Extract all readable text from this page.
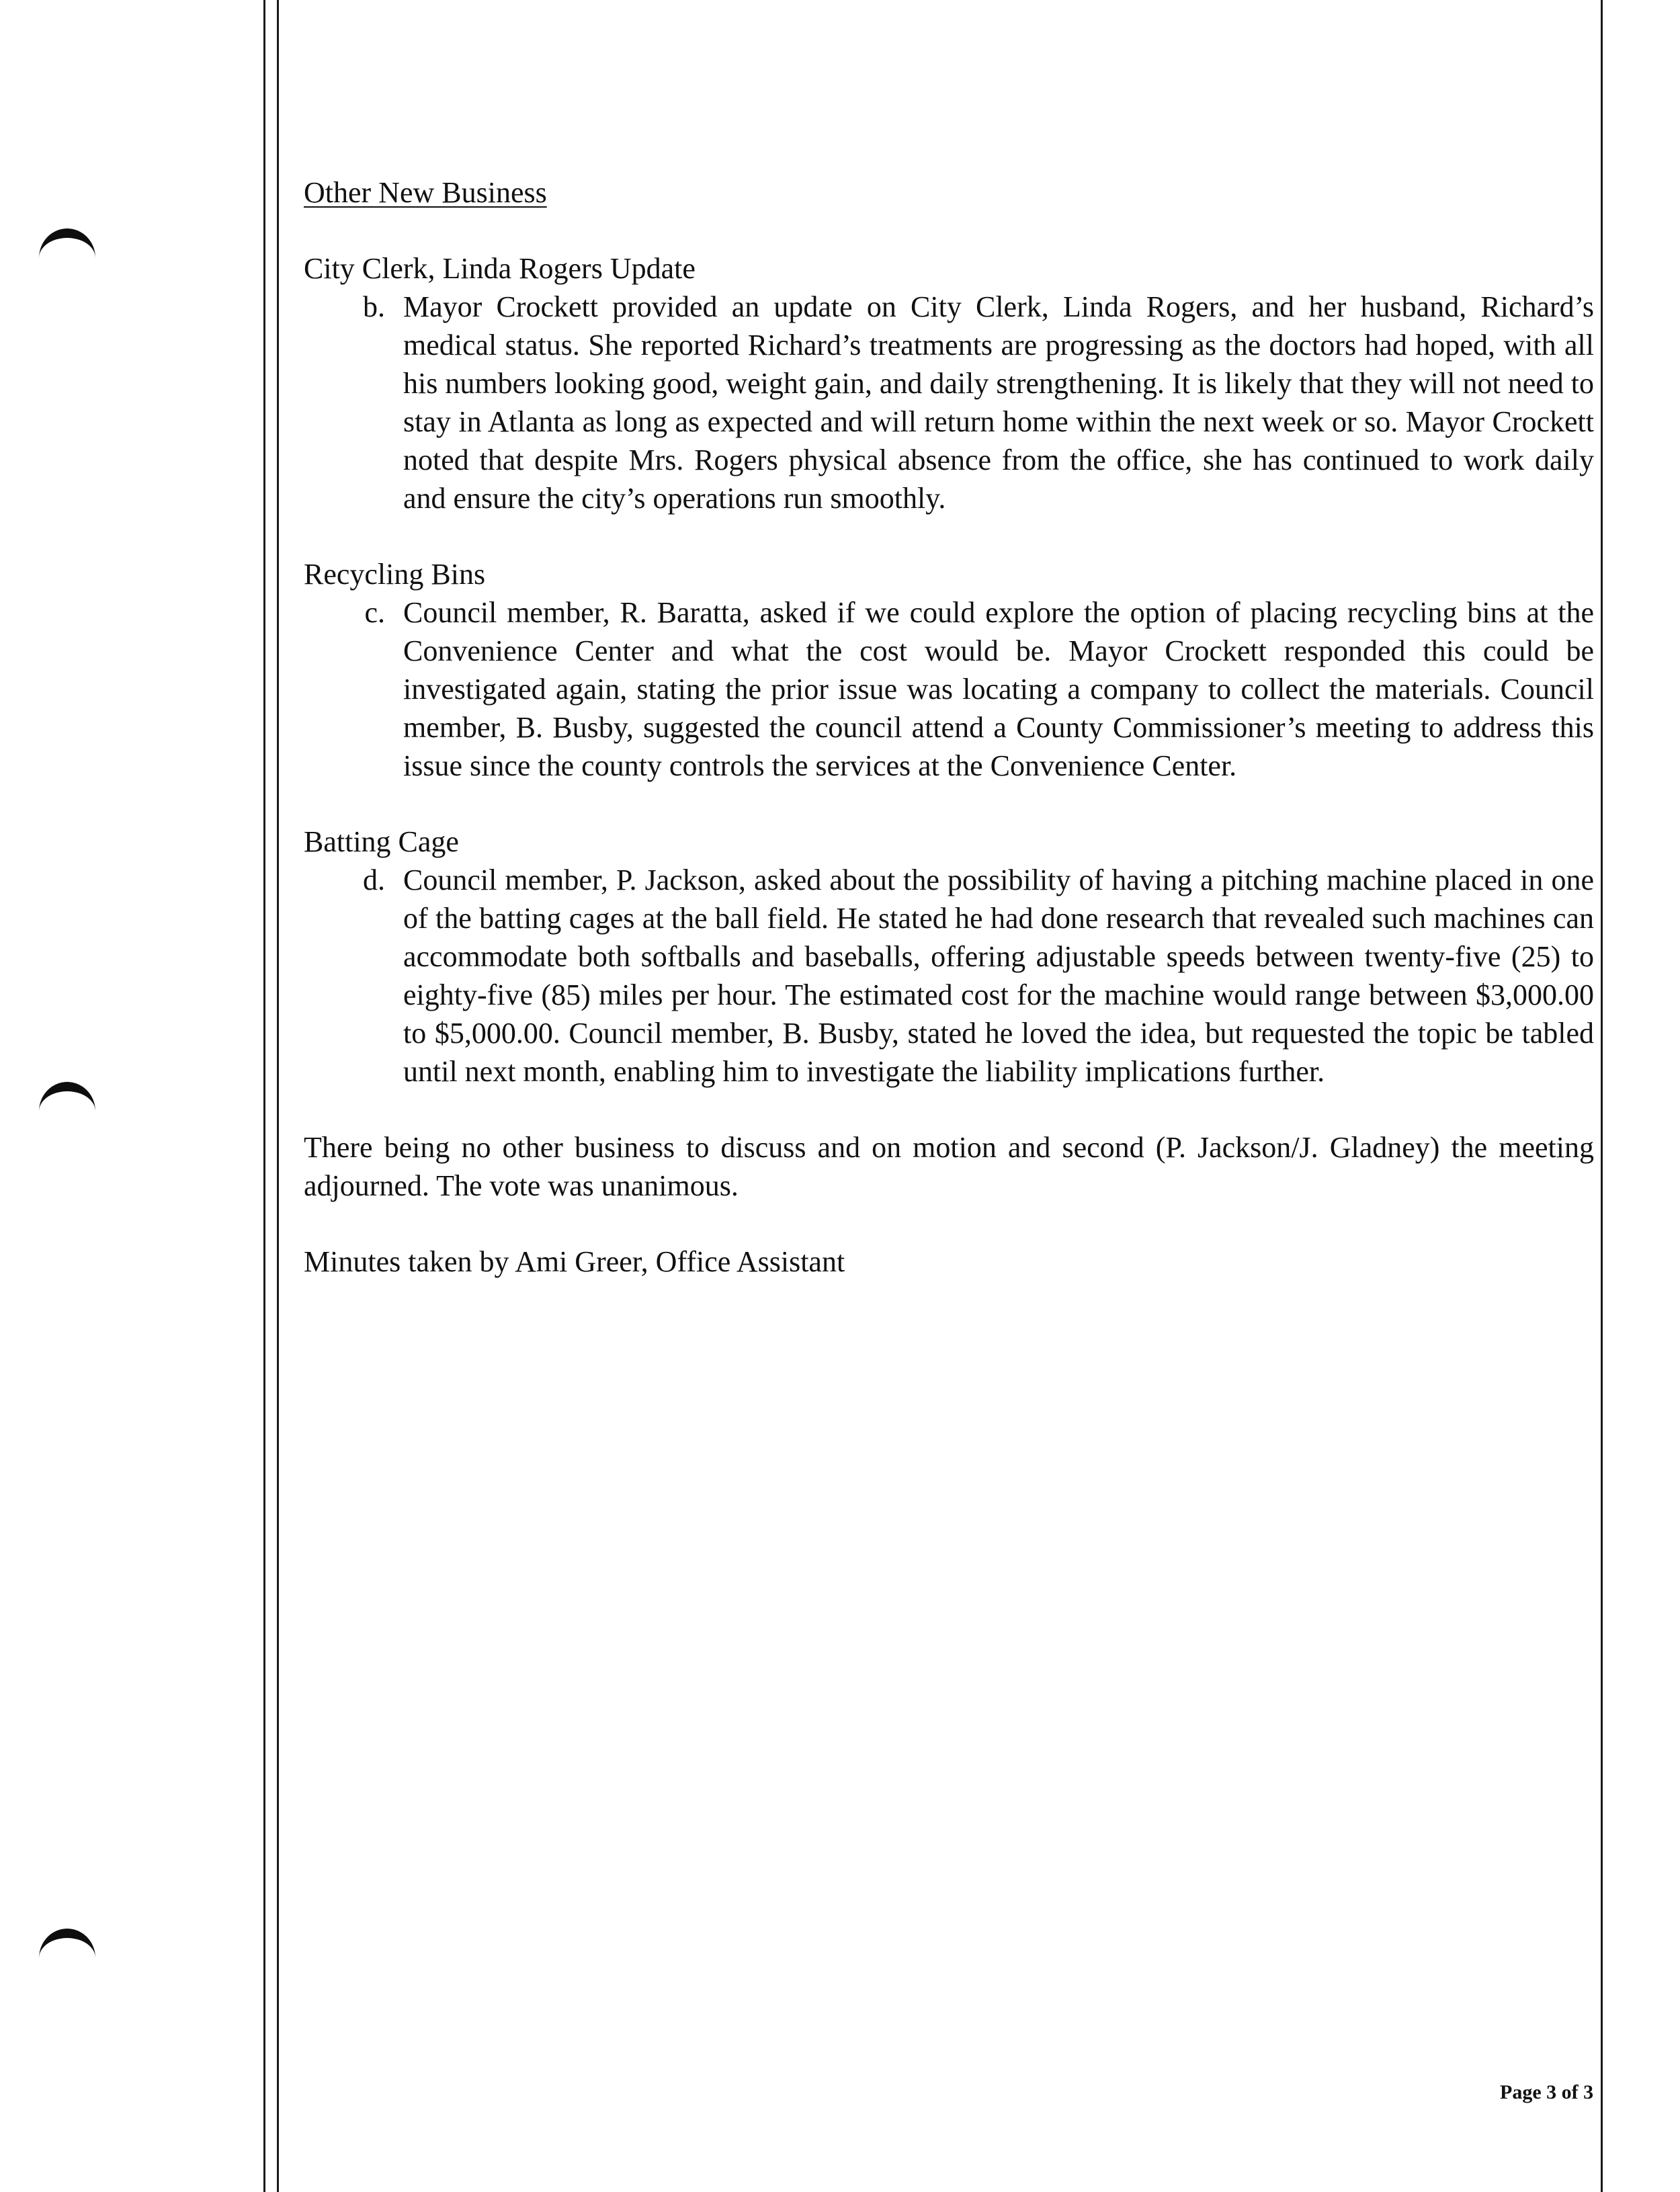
Other New Business
City Clerk, Linda Rogers Update
b. Mayor Crockett provided an update on City Clerk, Linda Rogers, and her husband, Richard’s medical status. She reported Richard’s treatments are progressing as the doctors had hoped, with all his numbers looking good, weight gain, and daily strengthening. It is likely that they will not need to stay in Atlanta as long as expected and will return home within the next week or so. Mayor Crockett noted that despite Mrs. Rogers physical absence from the office, she has continued to work daily and ensure the city’s operations run smoothly.

Recycling Bins
c. Council member, R. Baratta, asked if we could explore the option of placing recycling bins at the Convenience Center and what the cost would be. Mayor Crockett responded this could be investigated again, stating the prior issue was locating a company to collect the materials. Council member, B. Busby, suggested the council attend a County Commissioner’s meeting to address this issue since the county controls the services at the Convenience Center.

Batting Cage
d. Council member, P. Jackson, asked about the possibility of having a pitching machine placed in one of the batting cages at the ball field. He stated he had done research that revealed such machines can accommodate both softballs and baseballs, offering adjustable speeds between twenty-five (25) to eighty-five (85) miles per hour. The estimated cost for the machine would range between $3,000.00 to $5,000.00. Council member, B. Busby, stated he loved the idea, but requested the topic be tabled until next month, enabling him to investigate the liability implications further.

There being no other business to discuss and on motion and second (P. Jackson/J. Gladney) the meeting adjourned. The vote was unanimous.

Minutes taken by Ami Greer, Office Assistant

Page 3 of 3
